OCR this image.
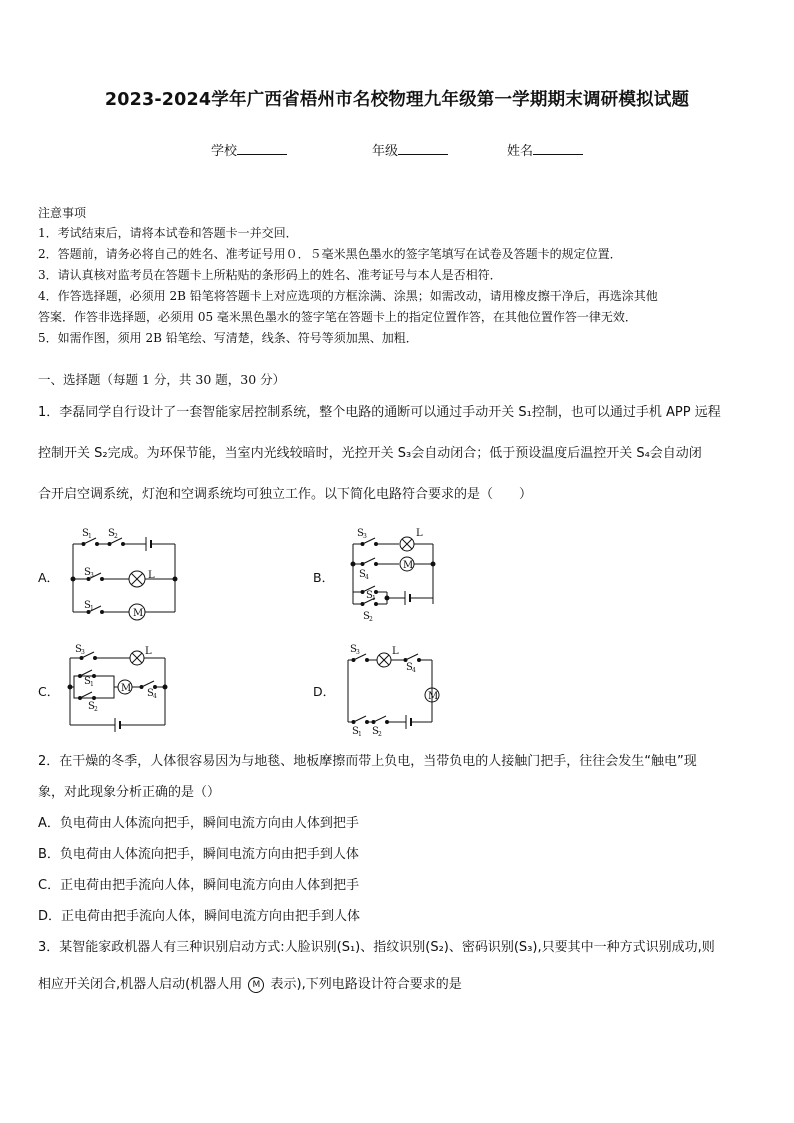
2023-2024学年广西省梧州市名校物理九年级第一学期期末调研模拟试题
学校	年级	姓名
注意事项
1．考试结束后，请将本试卷和答题卡一并交回．
2．答题前，请务必将自己的姓名、准考证号用０．５毫米黑色墨水的签字笔填写在试卷及答题卡的规定位置．
3．请认真核对监考员在答题卡上所粘贴的条形码上的姓名、准考证号与本人是否相符．
4．作答选择题，必须用 2B 铅笔将答题卡上对应选项的方框涂满、涂黑；如需改动，请用橡皮擦干净后，再选涂其他
答案．作答非选择题，必须用 05 毫米黑色墨水的签字笔在答题卡上的指定位置作答，在其他位置作答一律无效．
5．如需作图，须用 2B 铅笔绘、写清楚，线条、符号等须加黑、加粗．
一、选择题（每题 1 分，共 30 题，30 分）
1．李磊同学自行设计了一套智能家居控制系统，整个电路的通断可以通过手动开关 S₁控制，也可以通过手机 APP 远程
控制开关 S₂完成。为环保节能，当室内光线较暗时，光控开关 S₃会自动闭合；低于预设温度后温控开关 S₄会自动闭
合开启空调系统，灯泡和空调系统均可独立工作。以下简化电路符合要求的是（　　）
A．	B．
C．	D．
S 1 S 2
S 3	L
S 1	M
S 3	L
M
S 4
S 1
S 2
S 3	L
S 1
S 2
M S 4
S 3	L
S 4
M
S 1 S 2
2．在干燥的冬季，人体很容易因为与地毯、地板摩擦而带上负电，当带负电的人接触门把手，往往会发生“触电”现
象，对此现象分析正确的是（）
A．负电荷由人体流向把手，瞬间电流方向由人体到把手
B．负电荷由人体流向把手，瞬间电流方向由把手到人体
C．正电荷由把手流向人体，瞬间电流方向由人体到把手
D．正电荷由把手流向人体，瞬间电流方向由把手到人体
3．某智能家政机器人有三种识别启动方式:人脸识别(S₁)、指纹识别(S₂)、密码识别(S₃),只要其中一种方式识别成功,则
相应开关闭合,机器人启动(机器人用 M 表示),下列电路设计符合要求的是
